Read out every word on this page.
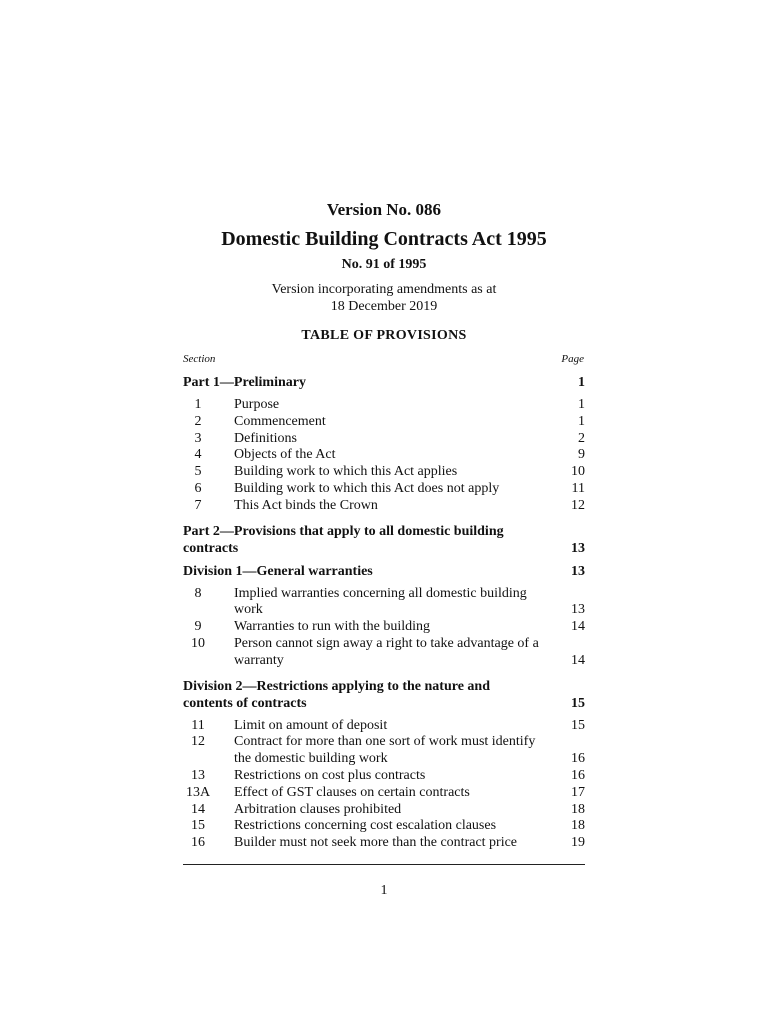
Version No. 086
Domestic Building Contracts Act 1995
No. 91 of 1995
Version incorporating amendments as at
18 December 2019
TABLE OF PROVISIONS
Section	Page
Part 1—Preliminary	1
1	Purpose	1
2	Commencement	1
3	Definitions	2
4	Objects of the Act	9
5	Building work to which this Act applies	10
6	Building work to which this Act does not apply	11
7	This Act binds the Crown	12
Part 2—Provisions that apply to all domestic building contracts	13
Division 1—General warranties	13
8	Implied warranties concerning all domestic building work	13
9	Warranties to run with the building	14
10	Person cannot sign away a right to take advantage of a warranty	14
Division 2—Restrictions applying to the nature and contents of contracts	15
11	Limit on amount of deposit	15
12	Contract for more than one sort of work must identify the domestic building work	16
13	Restrictions on cost plus contracts	16
13A Effect of GST clauses on certain contracts	17
14	Arbitration clauses prohibited	18
15	Restrictions concerning cost escalation clauses	18
16	Builder must not seek more than the contract price	19
1
